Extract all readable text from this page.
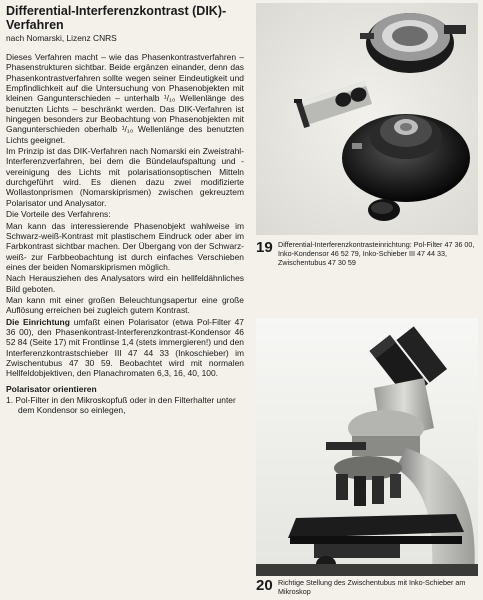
Differential-Interferenzkontrast (DIK)-Verfahren

nach Nomarski, Lizenz CNRS

Dieses Verfahren macht – wie das Phasenkontrastverfahren – Phasenstrukturen sichtbar. Beide ergänzen einander, denn das Phasenkontrastverfahren sollte wegen seiner Eindeutigkeit und Empfindlichkeit auf die Untersuchung von Phasenobjekten mit kleinen Gangunterschieden – unterhalb ¹/₁₀ Wellenlänge des benutzten Lichts – beschränkt werden. Das DIK-Verfahren ist hingegen besonders zur Beobachtung von Phasenobjekten mit Gangunterschieden oberhalb ¹/₁₀ Wellenlänge des benutzten Lichts geeignet.

Im Prinzip ist das DIK-Verfahren nach Nomarski ein Zweistrahl-Interferenzverfahren, bei dem die Bündelaufspaltung und -vereinigung des Lichts mit polarisationsoptischen Mitteln durchgeführt wird. Es dienen dazu zwei modifizierte Wollastonprismen (Nomarskiprismen) zwischen gekreuztem Polarisator und Analysator.

Die Vorteile des Verfahrens:

Man kann das interessierende Phasenobjekt wahlweise im Schwarz-weiß-Kontrast mit plastischem Eindruck oder aber im Farbkontrast sichtbar machen. Der Übergang von der Schwarz-weiß- zur Farbbeobachtung ist durch einfaches Verschieben eines der beiden Nomarskiprismen möglich.

Nach Herausziehen des Analysators wird ein hellfeldähnliches Bild geboten.

Man kann mit einer großen Beleuchtungsapertur eine große Auflösung erreichen bei zugleich gutem Kontrast.

Die Einrichtung umfaßt einen Polarisator (etwa Pol-Filter 47 36 00), den Phasenkontrast-Interferenzkontrast-Kondensor 46 52 84 (Seite 17) mit Frontlinse 1,4 (stets immergieren!) und den Interferenzkontrastschieber III 47 44 33 (Inkoschieber) im Zwischentubus 47 30 59. Beobachtet wird mit normalen Hellfeldobjektiven, den Planachromaten 6,3, 16, 40, 100.

Polarisator orientieren

1. Pol-Filter in den Mikroskopfuß oder in den Filterhalter unter dem Kondensor so einlegen,

19 Differential-Interferenzkontrasteinrichtung: Pol-Filter 47 36 00, Inko-Kondensor 46 52 79, Inko-Schieber III 47 44 33, Zwischentubus 47 30 59
20 Richtige Stellung des Zwischentubus mit Inko-Schieber am Mikroskop
